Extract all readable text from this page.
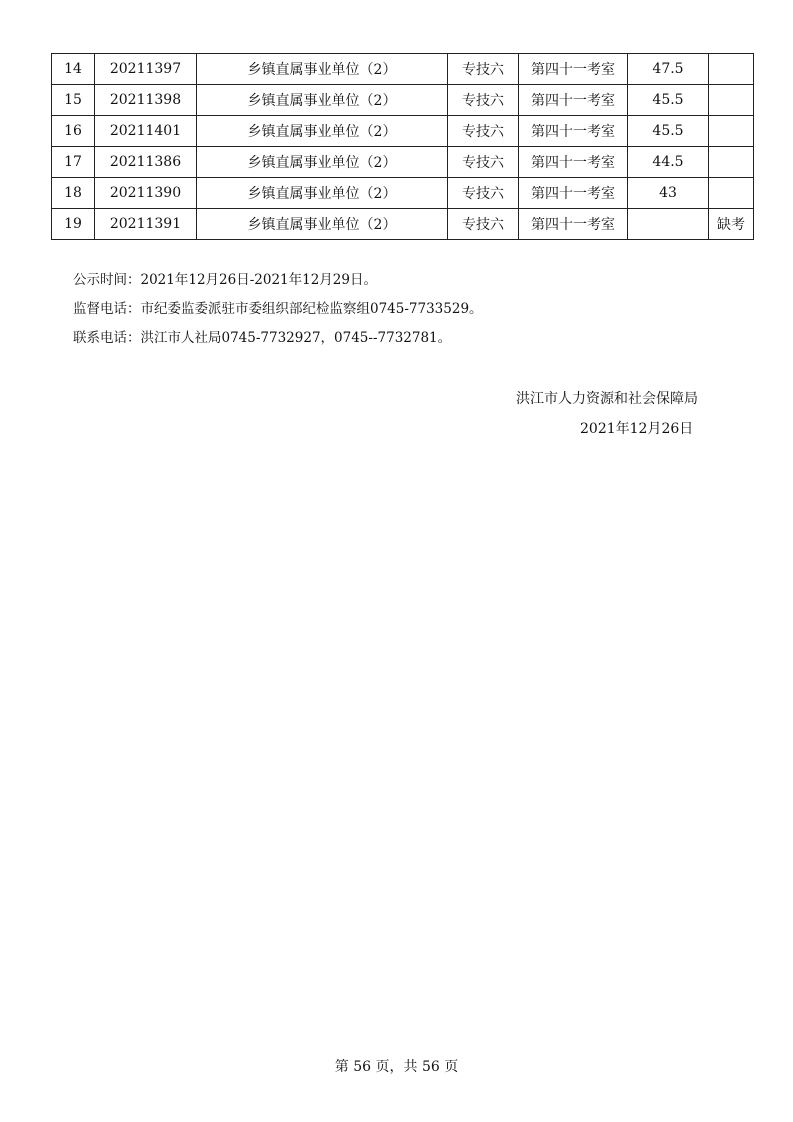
14	20211397	乡镇直属事业单位（2）	专技六	第四十一考室	47.5	
15	20211398	乡镇直属事业单位（2）	专技六	第四十一考室	45.5	
16	20211401	乡镇直属事业单位（2）	专技六	第四十一考室	45.5	
17	20211386	乡镇直属事业单位（2）	专技六	第四十一考室	44.5	
18	20211390	乡镇直属事业单位（2）	专技六	第四十一考室	43	
19	20211391	乡镇直属事业单位（2）	专技六	第四十一考室		缺考
公示时间：2021年12月26日-2021年12月29日。
监督电话：市纪委监委派驻市委组织部纪检监察组0745-7733529。
联系电话：洪江市人社局0745-7732927，0745--7732781。
洪江市人力资源和社会保障局
2021年12月26日
第 56 页，共 56 页
